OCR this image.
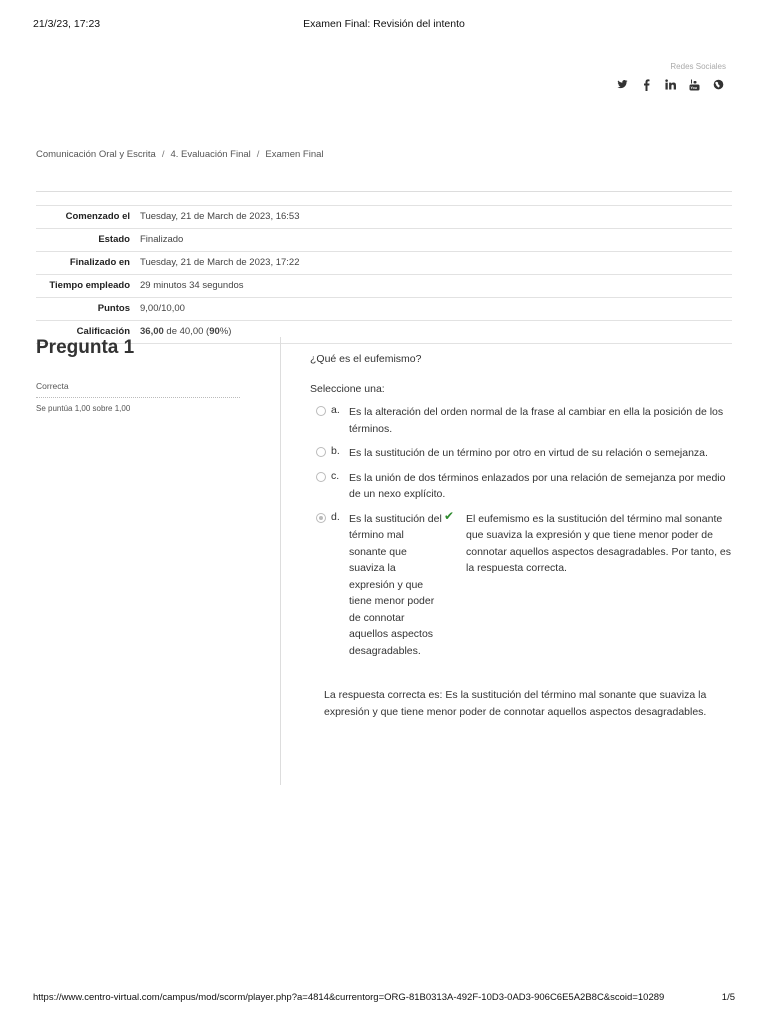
21/3/23, 17:23	Examen Final: Revisión del intento
Redes Sociales
You
Comunicación Oral y Escrita / 4. Evaluación Final / Examen Final
Comenzado el	Tuesday, 21 de March de 2023, 16:53
Estado	Finalizado
Finalizado en	Tuesday, 21 de March de 2023, 17:22
Tiempo empleado	29 minutos 34 segundos
Puntos	9,00/10,00
Calificación	36,00 de 40,00 (90%)
Pregunta 1
Correcta
Se puntúa 1,00 sobre 1,00

¿Qué es el eufemismo?

Seleccione una:

a. Es la alteración del orden normal de la frase al cambiar en ella la posición de los términos.
b. Es la sustitución de un término por otro en virtud de su relación o semejanza.
c. Es la unión de dos términos enlazados por una relación de semejanza por medio de un nexo explícito.
d. Es la sustitución del término mal sonante que suaviza la expresión y que tiene menor poder de connotar aquellos aspectos desagradables.
✔ El eufemismo es la sustitución del término mal sonante que suaviza la expresión y que tiene menor poder de connotar aquellos aspectos desagradables. Por tanto, es la respuesta correcta.
La respuesta correcta es: Es la sustitución del término mal sonante que suaviza la expresión y que tiene menor poder de connotar aquellos aspectos desagradables.
https://www.centro-virtual.com/campus/mod/scorm/player.php?a=4814&currentorg=ORG-81B0313A-492F-10D3-0AD3-906C6E5A2B8C&scoid=10289	1/5
